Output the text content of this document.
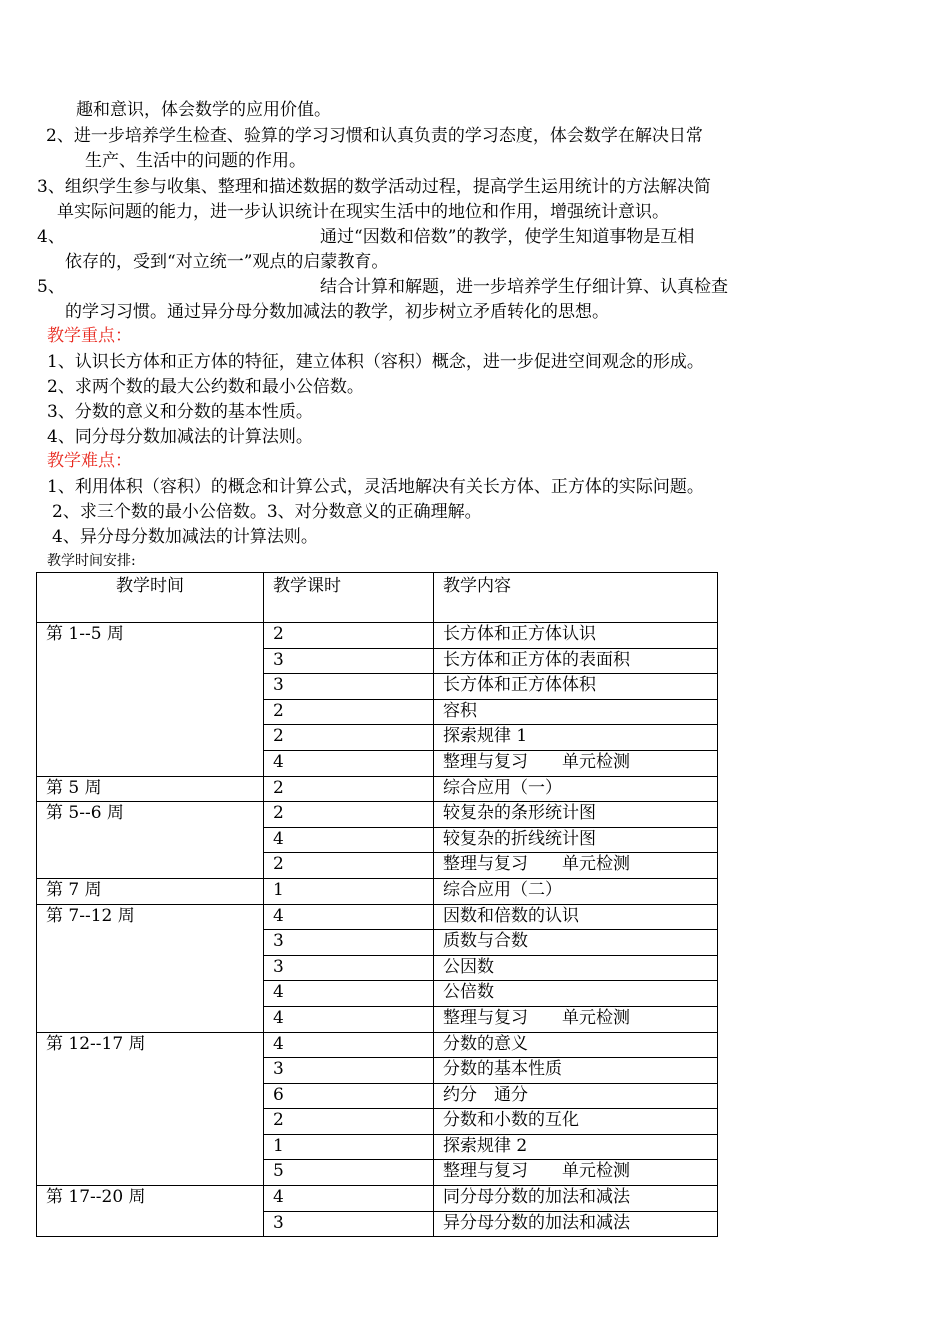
趣和意识，体会数学的应用价值。
2、进一步培养学生检查、验算的学习习惯和认真负责的学习态度，体会数学在解决日常
生产、生活中的问题的作用。
3、组织学生参与收集、整理和描述数据的数学活动过程，提高学生运用统计的方法解决简
单实际问题的能力，进一步认识统计在现实生活中的地位和作用，增强统计意识。
4、	通过“因数和倍数”的教学，使学生知道事物是互相
依存的，受到“对立统一”观点的启蒙教育。
5、	结合计算和解题，进一步培养学生仔细计算、认真检查
的学习习惯。通过异分母分数加减法的教学，初步树立矛盾转化的思想。
教学重点：
1、认识长方体和正方体的特征，建立体积（容积）概念，进一步促进空间观念的形成。
2、求两个数的最大公约数和最小公倍数。
3、分数的意义和分数的基本性质。
4、同分母分数加减法的计算法则。
教学难点：
1、利用体积（容积）的概念和计算公式，灵活地解决有关长方体、正方体的实际问题。
2、求三个数的最小公倍数。3、对分数意义的正确理解。
4、异分母分数加减法的计算法则。
教学时间安排:
教学时间	教学课时	教学内容
第 1--5 周	2	长方体和正方体认识
	3	长方体和正方体的表面积
	3	长方体和正方体体积
	2	容积
	2	探索规律 1
	4	整理与复习　　单元检测
第 5 周	2	综合应用（一）
第 5--6 周	2	较复杂的条形统计图
	4	较复杂的折线统计图
	2	整理与复习　　单元检测
第 7 周	1	综合应用（二）
第 7--12 周	4	因数和倍数的认识
	3	质数与合数
	3	公因数
	4	公倍数
	4	整理与复习　　单元检测
第 12--17 周	4	分数的意义
	3	分数的基本性质
	6	约分　通分
	2	分数和小数的互化
	1	探索规律 2
	5	整理与复习　　单元检测
第 17--20 周	4	同分母分数的加法和减法
	3	异分母分数的加法和减法
